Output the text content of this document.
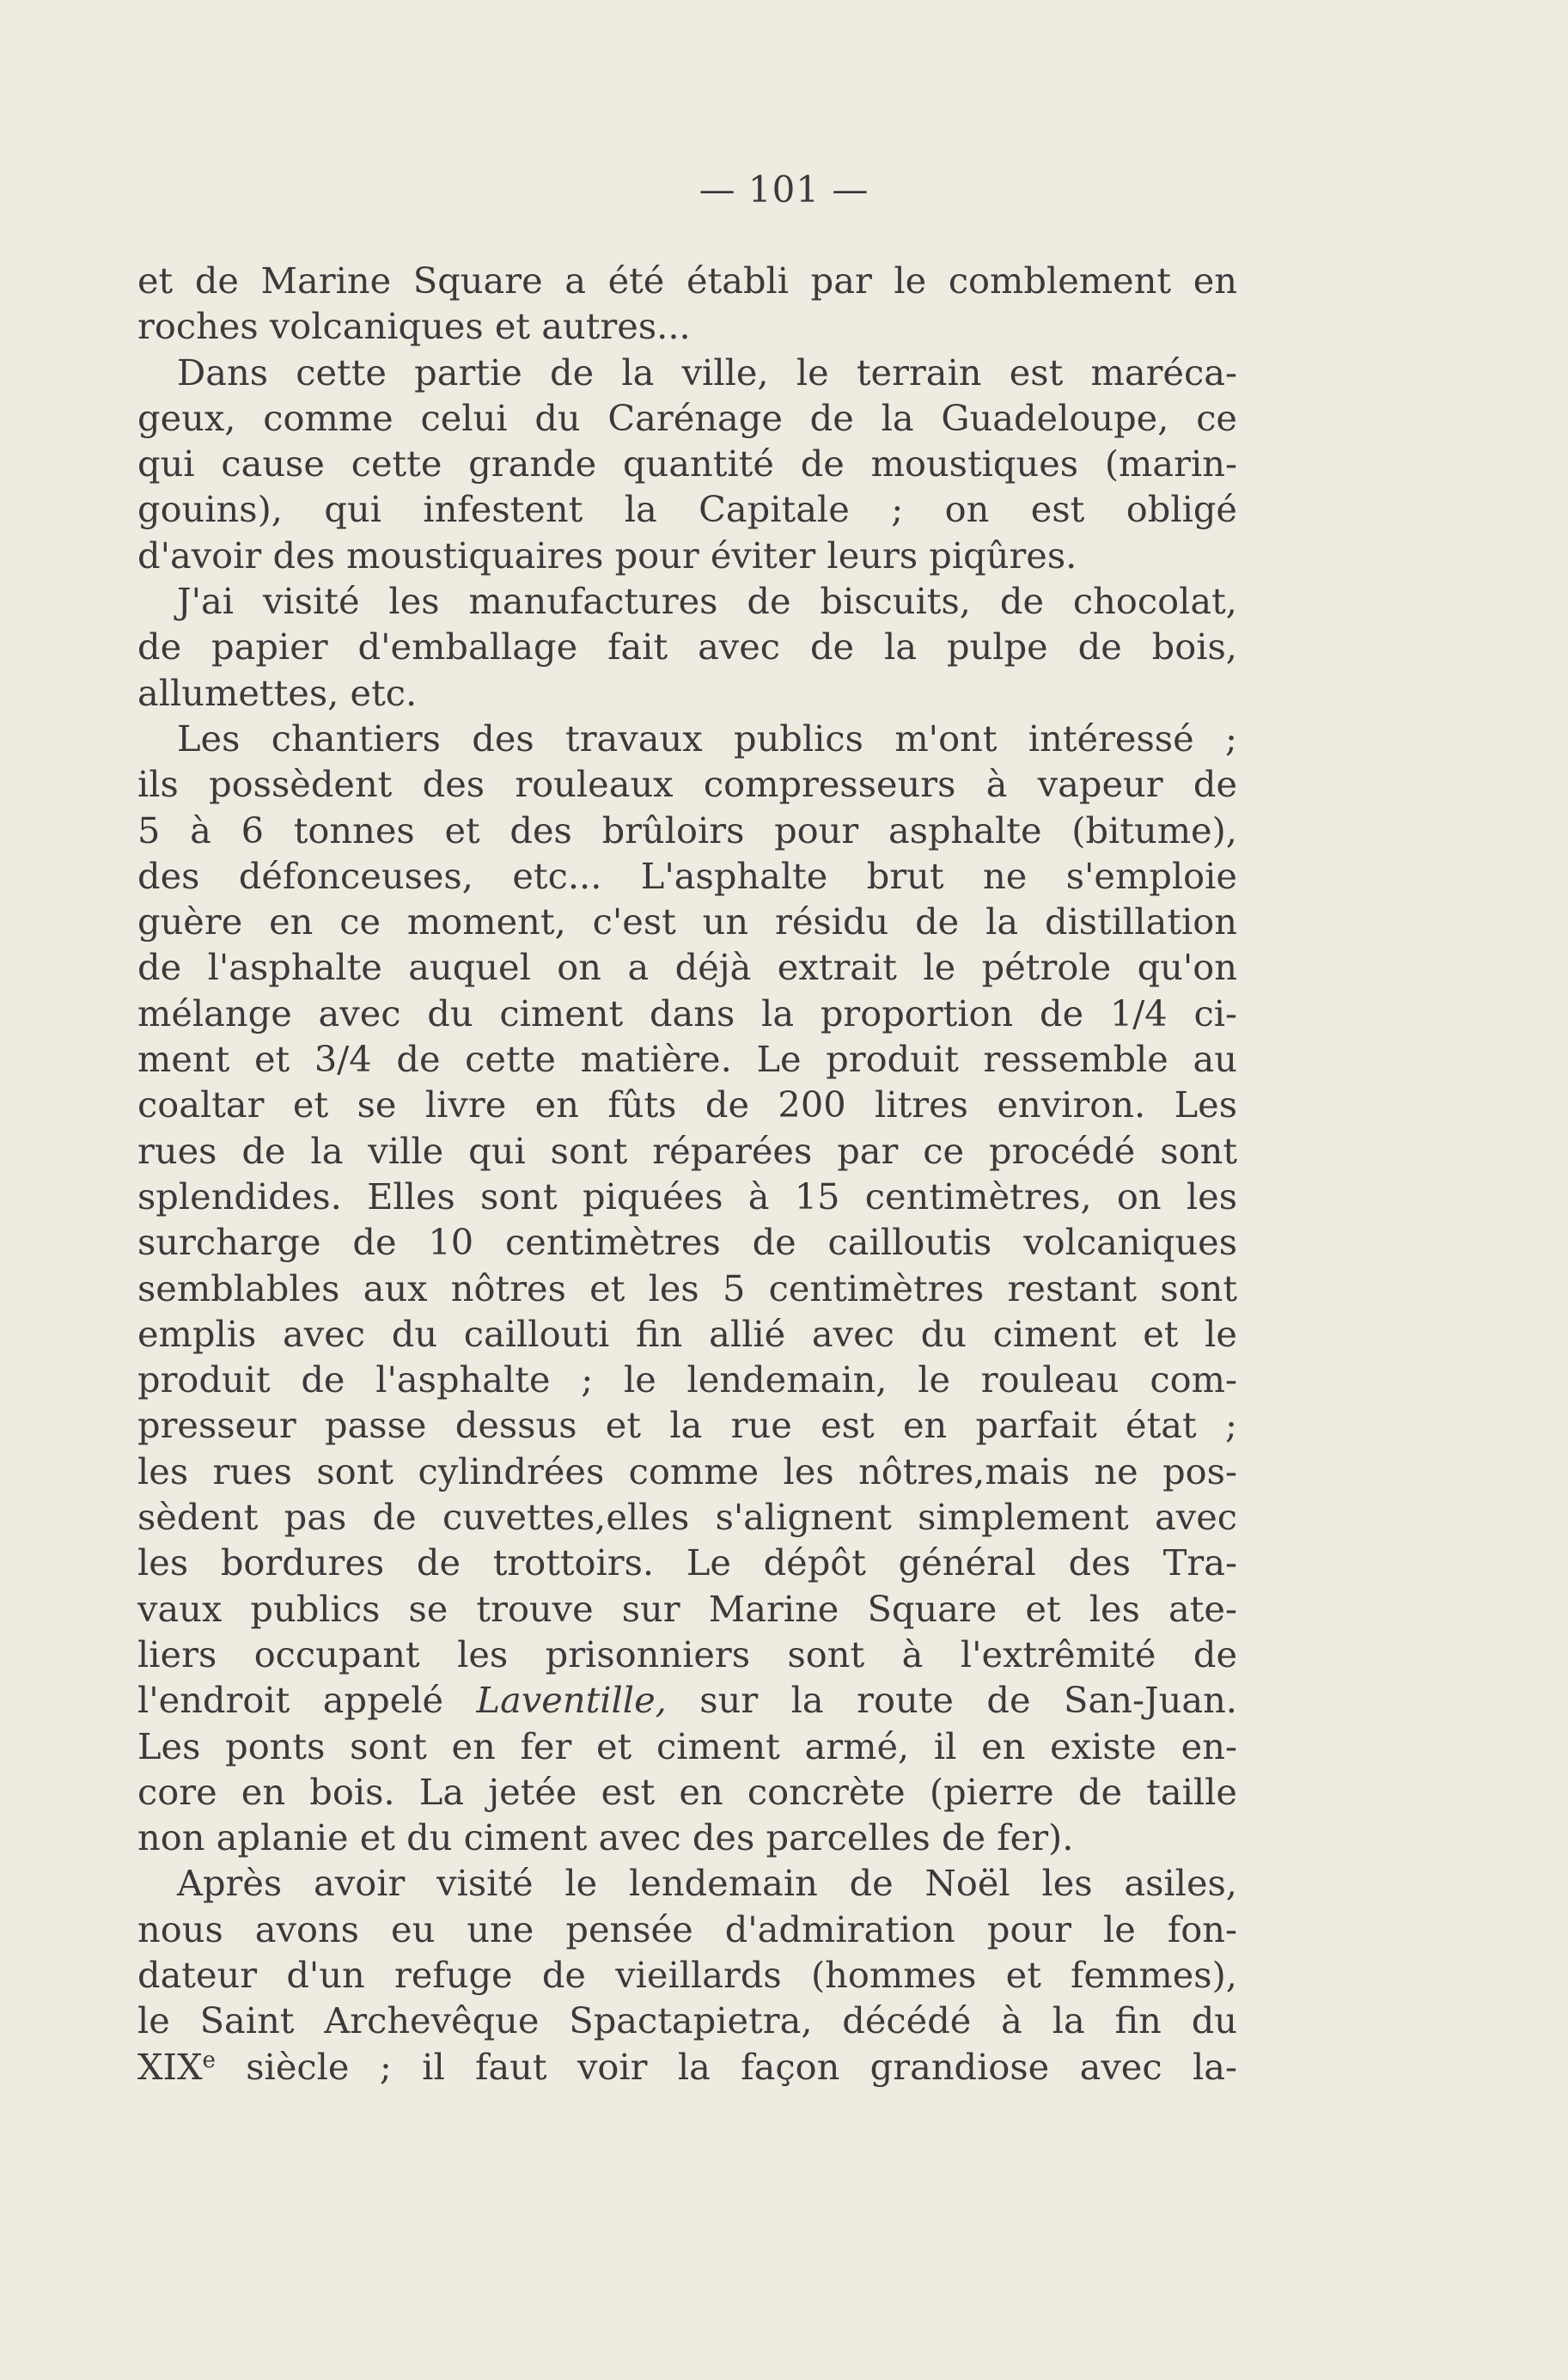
— 101 —
et de Marine Square a été établi par le comblement en
roches volcaniques et autres...
Dans cette partie de la ville, le terrain est maréca-
geux, comme celui du Carénage de la Guadeloupe, ce
qui cause cette grande quantité de moustiques (marin-
gouins), qui infestent la Capitale ; on est obligé
d'avoir des moustiquaires pour éviter leurs piqûres.
J'ai visité les manufactures de biscuits, de chocolat,
de papier d'emballage fait avec de la pulpe de bois,
allumettes, etc.
Les chantiers des travaux publics m'ont intéressé ;
ils possèdent des rouleaux compresseurs à vapeur de
5 à 6 tonnes et des brûloirs pour asphalte (bitume),
des défonceuses, etc... L'asphalte brut ne s'emploie
guère en ce moment, c'est un résidu de la distillation
de l'asphalte auquel on a déjà extrait le pétrole qu'on
mélange avec du ciment dans la proportion de 1/4 ci-
ment et 3/4 de cette matière. Le produit ressemble au
coaltar et se livre en fûts de 200 litres environ. Les
rues de la ville qui sont réparées par ce procédé sont
splendides. Elles sont piquées à 15 centimètres, on les
surcharge de 10 centimètres de cailloutis volcaniques
semblables aux nôtres et les 5 centimètres restant sont
emplis avec du caillouti fin allié avec du ciment et le
produit de l'asphalte ; le lendemain, le rouleau com-
presseur passe dessus et la rue est en parfait état ;
les rues sont cylindrées comme les nôtres,mais ne pos-
sèdent pas de cuvettes,elles s'alignent simplement avec
les bordures de trottoirs. Le dépôt général des Tra-
vaux publics se trouve sur Marine Square et les ate-
liers occupant les prisonniers sont à l'extrêmité de
l'endroit appelé Laventille, sur la route de San-Juan.
Les ponts sont en fer et ciment armé, il en existe en-
core en bois. La jetée est en concrète (pierre de taille
non aplanie et du ciment avec des parcelles de fer).
Après avoir visité le lendemain de Noël les asiles,
nous avons eu une pensée d'admiration pour le fon-
dateur d'un refuge de vieillards (hommes et femmes),
le Saint Archevêque Spactapietra, décédé à la fin du
XIXe siècle ; il faut voir la façon grandiose avec la-
